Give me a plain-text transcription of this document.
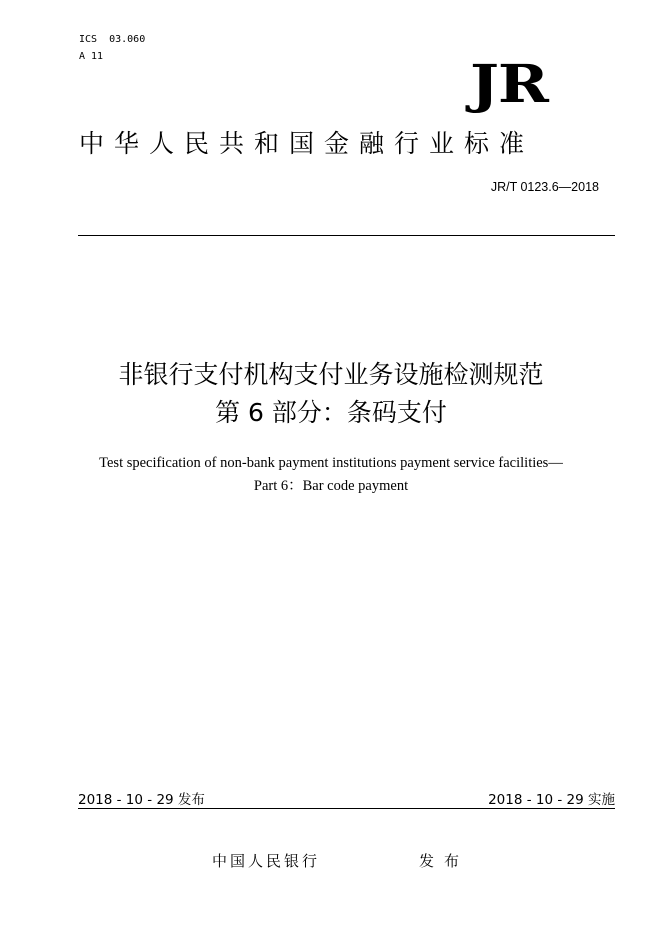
ICS  03.060
A 11	JR
中华人民共和国金融行业标准
JR/T 0123.6—2018
非银行支付机构支付业务设施检测规范
第 6 部分：条码支付
Test specification of non-bank payment institutions payment service facilities—
Part 6：Bar code payment
2018 - 10 - 29 发布	2018 - 10 - 29 实施
中国人民银行	发布
